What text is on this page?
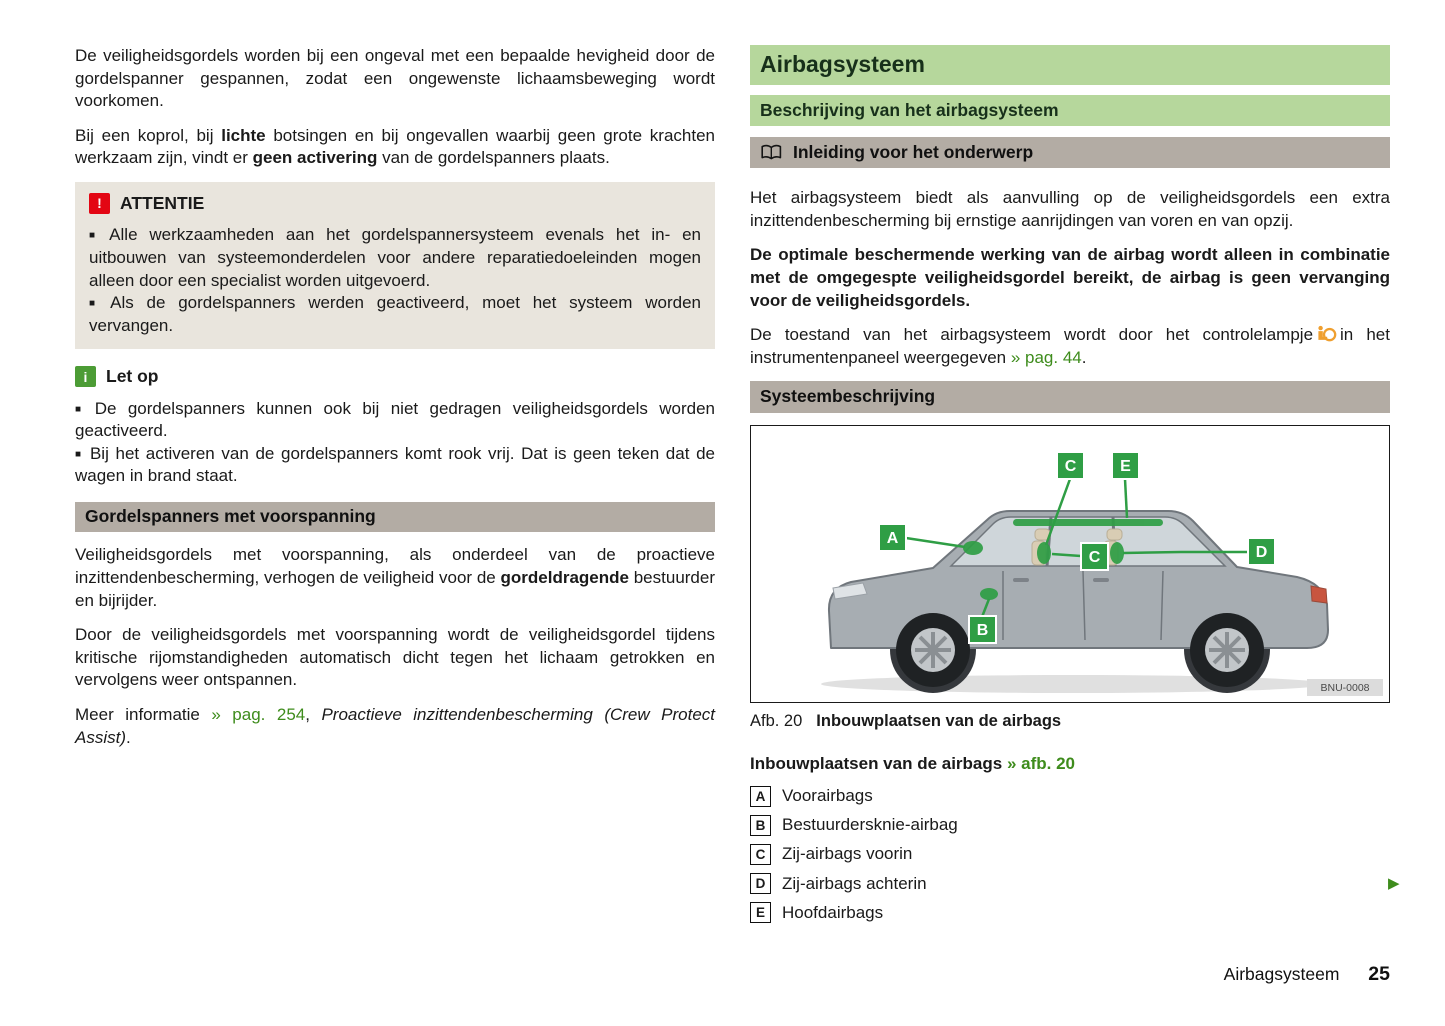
De veiligheidsgordels worden bij een ongeval met een bepaalde hevigheid door de gordelspanner gespannen, zodat een ongewenste lichaamsbeweging wordt voorkomen.

Bij een koprol, bij lichte botsingen en bij ongevallen waarbij geen grote krachten werkzaam zijn, vindt er geen activering van de gordelspanners plaats.

!	ATTENTIE

■ Alle werkzaamheden aan het gordelspannersysteem evenals het in- en uitbouwen van systeemonderdelen voor andere reparatiedoeleinden mogen alleen door een specialist worden uitgevoerd.

■ Als de gordelspanners werden geactiveerd, moet het systeem worden vervangen.

i	Let op

■ De gordelspanners kunnen ook bij niet gedragen veiligheidsgordels worden geactiveerd.

■ Bij het activeren van de gordelspanners komt rook vrij. Dat is geen teken dat de wagen in brand staat.

Gordelspanners met voorspanning

Veiligheidsgordels met voorspanning, als onderdeel van de proactieve inzittendenbescherming, verhogen de veiligheid voor de gordeldragende bestuurder en bijrijder.

Door de veiligheidsgordels met voorspanning wordt de veiligheidsgordel tijdens kritische rijomstandigheden automatisch dicht tegen het lichaam getrokken en vervolgens weer ontspannen.

Meer informatie » pag. 254, Proactieve inzittendenbescherming (Crew Protect Assist).

Airbagsysteem
Beschrijving van het airbagsysteem
Inleiding voor het onderwerp

Het airbagsysteem biedt als aanvulling op de veiligheidsgordels een extra inzittendenbescherming bij ernstige aanrijdingen van voren en van opzij.

De optimale beschermende werking van de airbag wordt alleen in combinatie met de omgegespte veiligheidsgordel bereikt, de airbag is geen vervanging voor de veiligheidsgordels.

De toestand van het airbagsysteem wordt door het controlelampje in het instrumentenpaneel weergegeven » pag. 44.

Systeembeschrijving
A
B
C	E
C	D
BNU-0008
Afb. 20 Inbouwplaatsen van de airbags

Inbouwplaatsen van de airbags » afb. 20

A Voorairbags
B Bestuurdersknie-airbag
C Zij-airbags voorin
D Zij-airbags achterin
E	Hoofdairbags
▶
Airbagsysteem 25
